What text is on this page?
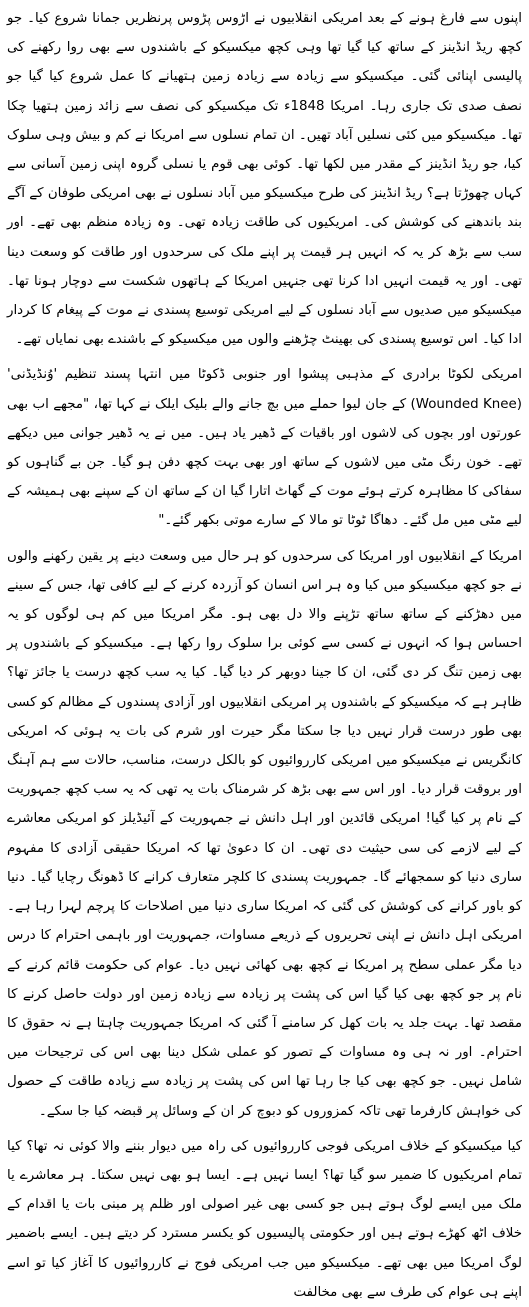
اپنوں سے فارغ ہونے کے بعد امریکی انقلابیوں نے اڑوس پڑوس پرنظریں جمانا شروع کیا۔ جو کچھ ریڈ انڈینز کے ساتھ کیا گیا تھا وہی کچھ میکسیکو کے باشندوں سے بھی روا رکھنے کی پالیسی اپنائی گئی۔ میکسیکو سے زیادہ سے زیادہ زمین ہتھیانے کا عمل شروع کیا گیا جو نصف صدی تک جاری رہا۔ امریکا 1848ء تک میکسیکو کی نصف سے زائد زمین ہتھیا چکا تھا۔ میکسیکو میں کئی نسلیں آباد تھیں۔ ان تمام نسلوں سے امریکا نے کم و بیش وہی سلوک کیا، جو ریڈ انڈینز کے مقدر میں لکھا تھا۔ کوئی بھی قوم یا نسلی گروہ اپنی زمین آسانی سے کہاں چھوڑتا ہے؟ ریڈ انڈینز کی طرح میکسیکو میں آباد نسلوں نے بھی امریکی طوفان کے آگے بند باندھنے کی کوشش کی۔ امریکیوں کی طاقت زیادہ تھی۔ وہ زیادہ منظم بھی تھے۔ اور سب سے بڑھ کر یہ کہ انہیں ہر قیمت پر اپنے ملک کی سرحدوں اور طاقت کو وسعت دینا تھی۔ اور یہ قیمت انہیں ادا کرنا تھی جنہیں امریکا کے ہاتھوں شکست سے دوچار ہونا تھا۔ میکسیکو میں صدیوں سے آباد نسلوں کے لیے امریکی توسیع پسندی نے موت کے پیغام کا کردار ادا کیا۔ اس توسیع پسندی کی بھینٹ چڑھنے والوں میں میکسیکو کے باشندے بھی نمایاں تھے۔

امریکی لکوٹا برادری کے مذہبی پیشوا اور جنوبی ڈکوٹا میں انتہا پسند تنظیم 'وُنڈیڈنی' (Wounded Knee) کے جان لیوا حملے میں بچ جانے والے بلیک ایلک نے کہا تھا، "مجھے اب بھی عورتوں اور بچوں کی لاشوں اور باقیات کے ڈھیر یاد ہیں۔ میں نے یہ ڈھیر جوانی میں دیکھے تھے۔ خون رنگ مٹی میں لاشوں کے ساتھ اور بھی بہت کچھ دفن ہو گیا۔ جن بے گناہوں کو سفاکی کا مظاہرہ کرتے ہوئے موت کے گھاٹ اتارا گیا ان کے ساتھ ان کے سپنے بھی ہمیشہ کے لیے مٹی میں مل گئے۔ دھاگا ٹوٹا تو مالا کے سارے موتی بکھر گئے۔"

امریکا کے انقلابیوں اور امریکا کی سرحدوں کو ہر حال میں وسعت دینے پر یقین رکھنے والوں نے جو کچھ میکسیکو میں کیا وہ ہر اس انسان کو آزردہ کرنے کے لیے کافی تھا، جس کے سینے میں دھڑکنے کے ساتھ ساتھ تڑپنے والا دل بھی ہو۔ مگر امریکا میں کم ہی لوگوں کو یہ احساس ہوا کہ انہوں نے کسی سے کوئی برا سلوک روا رکھا ہے۔ میکسیکو کے باشندوں پر بھی زمین تنگ کر دی گئی، ان کا جینا دوبھر کر دیا گیا۔ کیا یہ سب کچھ درست یا جائز تھا؟ ظاہر ہے کہ میکسیکو کے باشندوں پر امریکی انقلابیوں اور آزادی پسندوں کے مظالم کو کسی بھی طور درست قرار نہیں دیا جا سکتا مگر حیرت اور شرم کی بات یہ ہوئی کہ امریکی کانگریس نے میکسیکو میں امریکی کارروائیوں کو بالکل درست، مناسب، حالات سے ہم آہنگ اور بروقت قرار دیا۔ اور اس سے بھی بڑھ کر شرمناک بات یہ تھی کہ یہ سب کچھ جمہوریت کے نام پر کیا گیا! امریکی قائدین اور اہل دانش نے جمہوریت کے آئیڈیلز کو امریکی معاشرے کے لیے لازمے کی سی حیثیت دی تھی۔ ان کا دعویٰ تھا کہ امریکا حقیقی آزادی کا مفہوم ساری دنیا کو سمجھائے گا۔ جمہوریت پسندی کا کلچر متعارف کرانے کا ڈھونگ رچایا گیا۔ دنیا کو باور کرانے کی کوشش کی گئی کہ امریکا ساری دنیا میں اصلاحات کا پرچم لہرا رہا ہے۔ امریکی اہل دانش نے اپنی تحریروں کے ذریعے مساوات، جمہوریت اور باہمی احترام کا درس دیا مگر عملی سطح پر امریکا نے کچھ بھی کھائی نہیں دیا۔ عوام کی حکومت قائم کرنے کے نام پر جو کچھ بھی کیا گیا اس کی پشت پر زیادہ سے زیادہ زمین اور دولت حاصل کرنے کا مقصد تھا۔ بہت جلد یہ بات کھل کر سامنے آ گئی کہ امریکا جمہوریت چاہتا ہے نہ حقوق کا احترام۔ اور نہ ہی وہ مساوات کے تصور کو عملی شکل دینا بھی اس کی ترجیحات میں شامل نہیں۔ جو کچھ بھی کیا جا رہا تھا اس کی پشت پر زیادہ سے زیادہ طاقت کے حصول کی خواہش کارفرما تھی تاکہ کمزوروں کو دبوچ کر ان کے وسائل پر قبضہ کیا جا سکے۔

کیا میکسیکو کے خلاف امریکی فوجی کارروائیوں کی راہ میں دیوار بننے والا کوئی نہ تھا؟ کیا تمام امریکیوں کا ضمیر سو گیا تھا؟ ایسا نہیں ہے۔ ایسا ہو بھی نہیں سکتا۔ ہر معاشرے یا ملک میں ایسے لوگ ہوتے ہیں جو کسی بھی غیر اصولی اور ظلم پر مبنی بات یا اقدام کے خلاف اٹھ کھڑے ہوتے ہیں اور حکومتی پالیسیوں کو یکسر مسترد کر دیتے ہیں۔ ایسے باضمیر لوگ امریکا میں بھی تھے۔ میکسیکو میں جب امریکی فوج نے کارروائیوں کا آغاز کیا تو اسے اپنے ہی عوام کی طرف سے بھی مخالفت
